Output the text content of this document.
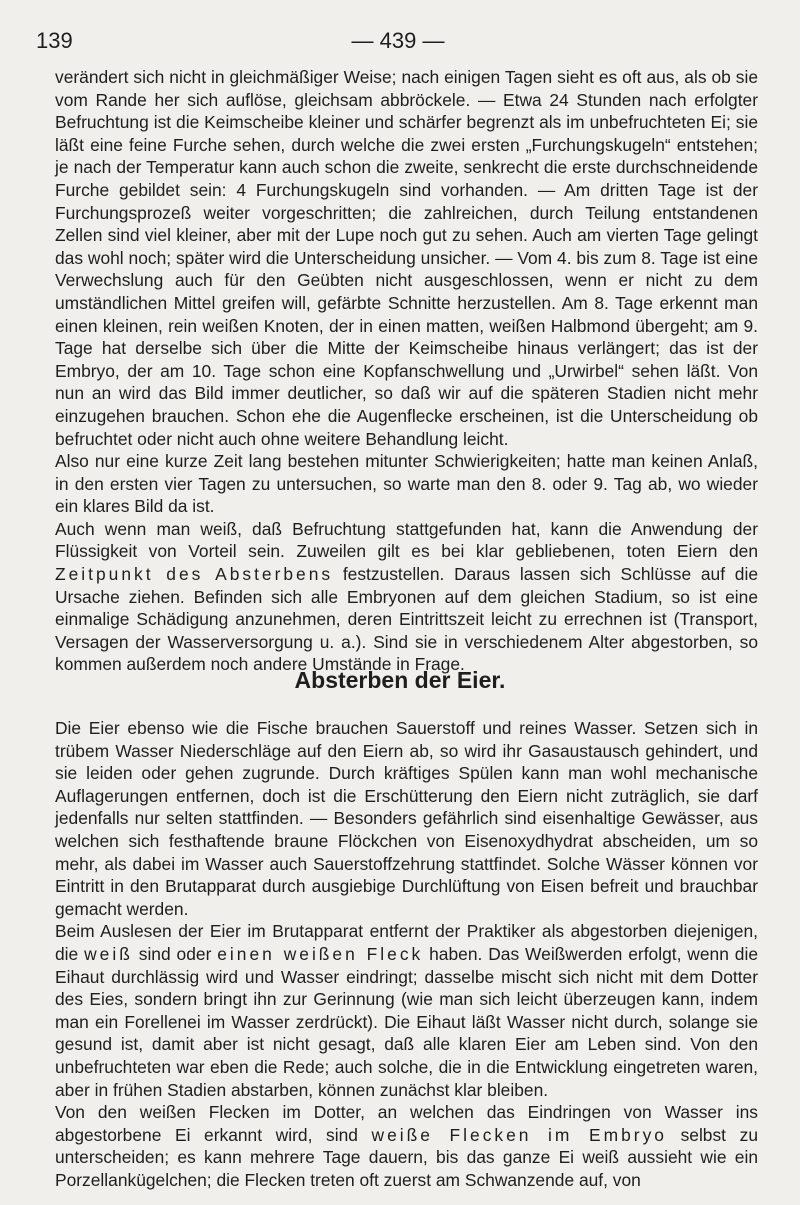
139	— 439 —

verändert sich nicht in gleichmäßiger Weise; nach einigen Tagen sieht es oft aus, als ob sie vom Rande her sich auflöse, gleichsam abbröckele. — Etwa 24 Stunden nach erfolgter Befruchtung ist die Keimscheibe kleiner und schärfer begrenzt als im unbefruchteten Ei; sie läßt eine feine Furche sehen, durch welche die zwei ersten „Furchungskugeln“ entstehen; je nach der Temperatur kann auch schon die zweite, senkrecht die erste durchschneidende Furche gebildet sein: 4 Furchungskugeln sind vorhanden. — Am dritten Tage ist der Furchungsprozeß weiter vorgeschritten; die zahlreichen, durch Teilung entstandenen Zellen sind viel kleiner, aber mit der Lupe noch gut zu sehen. Auch am vierten Tage gelingt das wohl noch; später wird die Unterscheidung unsicher. — Vom 4. bis zum 8. Tage ist eine Verwechslung auch für den Geübten nicht ausgeschlossen, wenn er nicht zu dem umständlichen Mittel greifen will, gefärbte Schnitte herzustellen. Am 8. Tage erkennt man einen kleinen, rein weißen Knoten, der in einen matten, weißen Halbmond übergeht; am 9. Tage hat derselbe sich über die Mitte der Keimscheibe hinaus verlängert; das ist der Embryo, der am 10. Tage schon eine Kopfanschwellung und „Urwirbel“ sehen läßt. Von nun an wird das Bild immer deutlicher, so daß wir auf die späteren Stadien nicht mehr einzugehen brauchen. Schon ehe die Augenflecke erscheinen, ist die Unterscheidung ob befruchtet oder nicht auch ohne weitere Behandlung leicht.

Also nur eine kurze Zeit lang bestehen mitunter Schwierigkeiten; hatte man keinen Anlaß, in den ersten vier Tagen zu untersuchen, so warte man den 8. oder 9. Tag ab, wo wieder ein klares Bild da ist.

Auch wenn man weiß, daß Befruchtung stattgefunden hat, kann die Anwendung der Flüssigkeit von Vorteil sein. Zuweilen gilt es bei klar gebliebenen, toten Eiern den Zeitpunkt des Absterbens festzustellen. Daraus lassen sich Schlüsse auf die Ursache ziehen. Befinden sich alle Embryonen auf dem gleichen Stadium, so ist eine einmalige Schädigung anzunehmen, deren Eintrittszeit leicht zu errechnen ist (Transport, Versagen der Wasserversorgung u. a.). Sind sie in verschiedenem Alter abgestorben, so kommen außerdem noch andere Umstände in Frage.

Absterben der Eier.

Die Eier ebenso wie die Fische brauchen Sauerstoff und reines Wasser. Setzen sich in trübem Wasser Niederschläge auf den Eiern ab, so wird ihr Gasaustausch gehindert, und sie leiden oder gehen zugrunde. Durch kräftiges Spülen kann man wohl mechanische Auflagerungen entfernen, doch ist die Erschütterung den Eiern nicht zuträglich, sie darf jedenfalls nur selten stattfinden. — Besonders gefährlich sind eisenhaltige Gewässer, aus welchen sich festhaftende braune Flöckchen von Eisenoxydhydrat abscheiden, um so mehr, als dabei im Wasser auch Sauerstoffzehrung stattfindet. Solche Wässer können vor Eintritt in den Brutapparat durch ausgiebige Durchlüftung von Eisen befreit und brauchbar gemacht werden.

Beim Auslesen der Eier im Brutapparat entfernt der Praktiker als abgestorben diejenigen, die weiß sind oder einen weißen Fleck haben. Das Weißwerden erfolgt, wenn die Eihaut durchlässig wird und Wasser eindringt; dasselbe mischt sich nicht mit dem Dotter des Eies, sondern bringt ihn zur Gerinnung (wie man sich leicht überzeugen kann, indem man ein Forellenei im Wasser zerdrückt). Die Eihaut läßt Wasser nicht durch, solange sie gesund ist, damit aber ist nicht gesagt, daß alle klaren Eier am Leben sind. Von den unbefruchteten war eben die Rede; auch solche, die in die Entwicklung eingetreten waren, aber in frühen Stadien abstarben, können zunächst klar bleiben.

Von den weißen Flecken im Dotter, an welchen das Eindringen von Wasser ins abgestorbene Ei erkannt wird, sind weiße Flecken im Embryo selbst zu unterscheiden; es kann mehrere Tage dauern, bis das ganze Ei weiß aussieht wie ein Porzellankügelchen; die Flecken treten oft zuerst am Schwanzende auf, von
